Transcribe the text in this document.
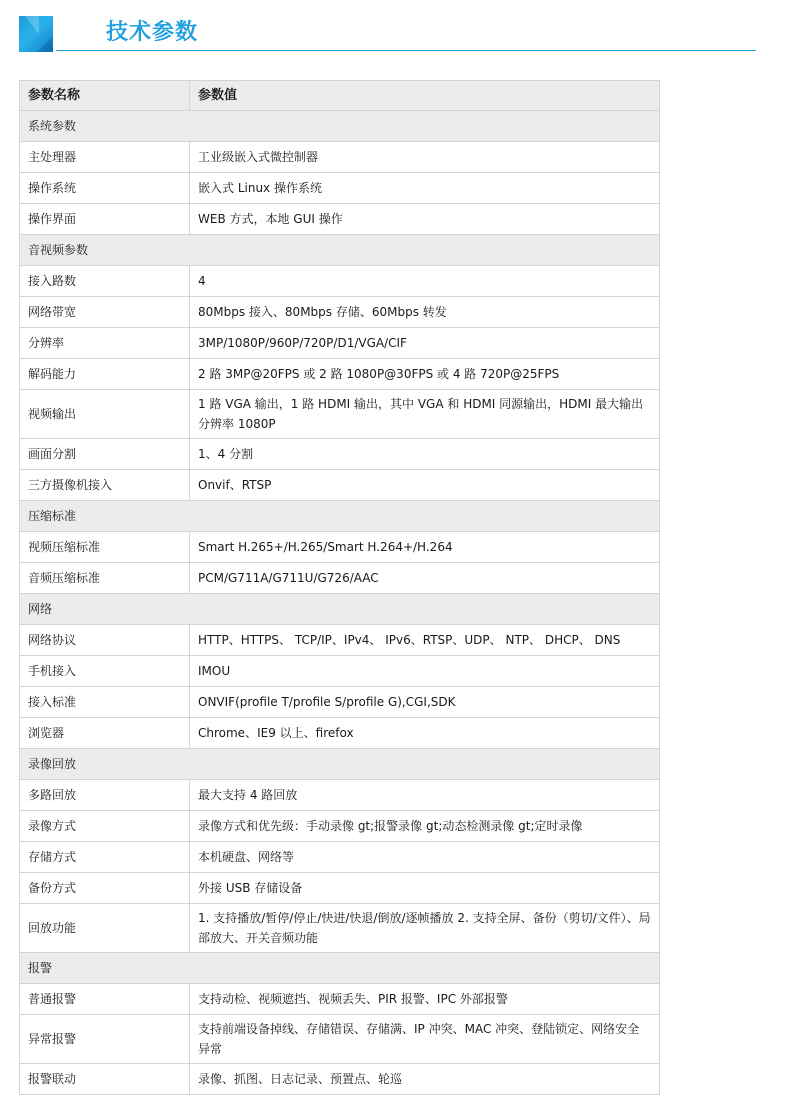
技术参数
参数名称	参数值
系统参数	
主处理器	工业级嵌入式微控制器
操作系统	嵌入式 Linux 操作系统
操作界面	WEB 方式，本地 GUI 操作
音视频参数	
接入路数	4
网络带宽	80Mbps 接入、80Mbps 存储、60Mbps 转发
分辨率	3MP/1080P/960P/720P/D1/VGA/CIF
解码能力	2 路 3MP@20FPS 或 2 路 1080P@30FPS 或 4 路 720P@25FPS
视频输出	1 路 VGA 输出，1 路 HDMI 输出，其中 VGA 和 HDMI 同源输出，HDMI 最大输出分辨率 1080P
画面分割	1、4 分割
三方摄像机接入	Onvif、RTSP
压缩标准	
视频压缩标准	Smart H.265+/H.265/Smart H.264+/H.264
音频压缩标准	PCM/G711A/G711U/G726/AAC
网络	
网络协议	HTTP、HTTPS、 TCP/IP、IPv4、 IPv6、RTSP、UDP、 NTP、 DHCP、 DNS
手机接入	IMOU
接入标准	ONVIF(profile T/profile S/profile G),CGI,SDK
浏览器	Chrome、IE9 以上、firefox
录像回放	
多路回放	最大支持 4 路回放
录像方式	录像方式和优先级：手动录像 gt;报警录像 gt;动态检测录像 gt;定时录像
存储方式	本机硬盘、网络等
备份方式	外接 USB 存储设备
回放功能	1. 支持播放/暂停/停止/快进/快退/倒放/逐帧播放 2. 支持全屏、备份（剪切/文件）、局部放大、开关音频功能
报警	
普通报警	支持动检、视频遮挡、视频丢失、PIR 报警、IPC 外部报警
异常报警	支持前端设备掉线、存储错误、存储满、IP 冲突、MAC 冲突、登陆锁定、网络安全异常
报警联动	录像、抓图、日志记录、预置点、轮巡
